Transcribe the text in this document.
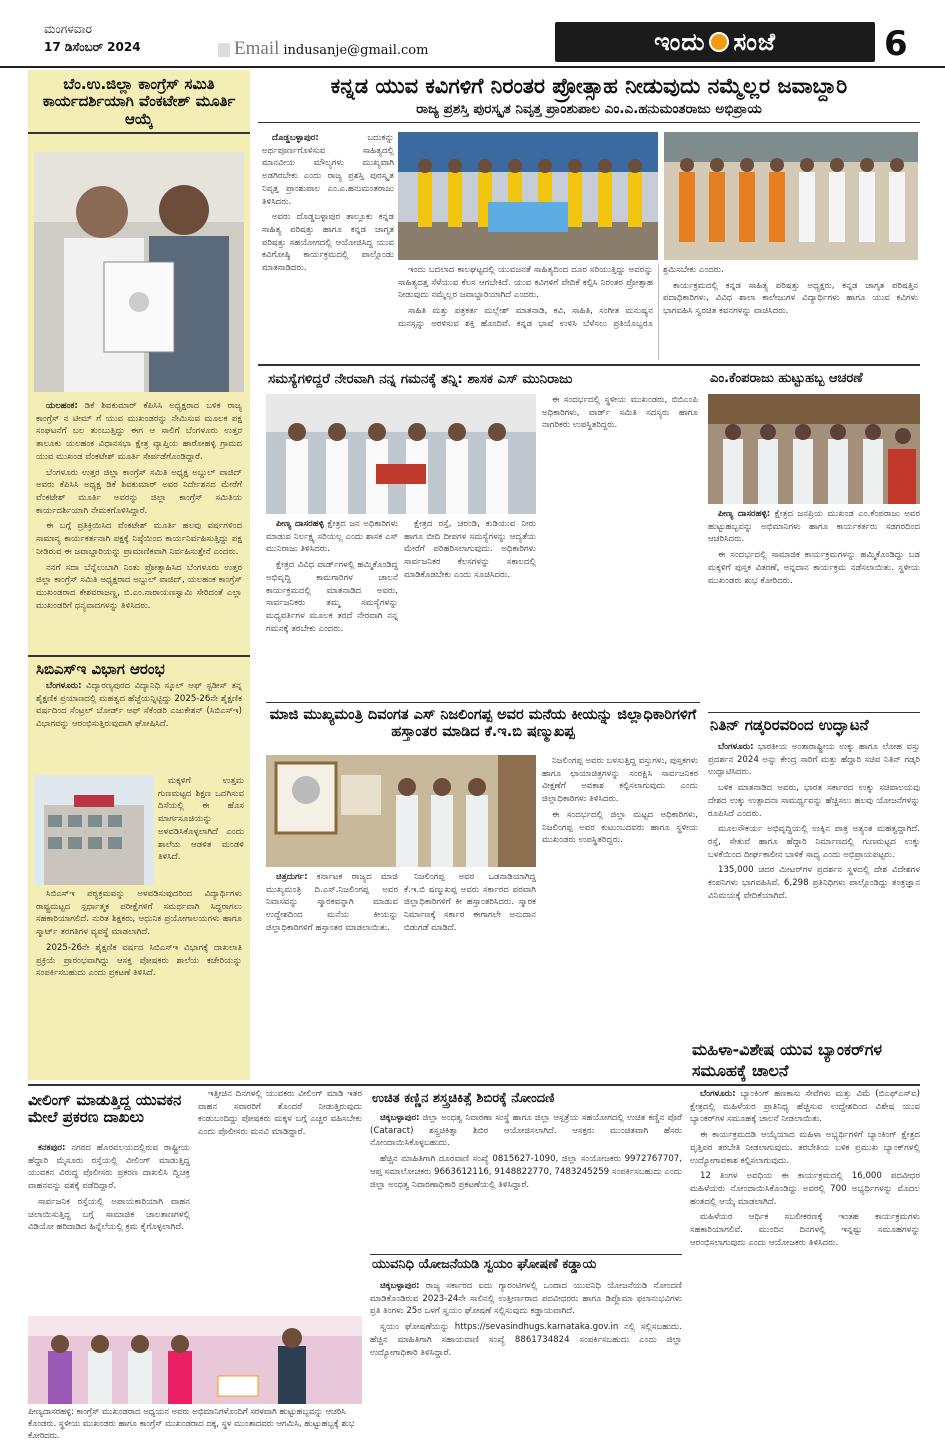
ಮಂಗಳವಾರ
17 ಡಿಸೆಂಬರ್ 2024	Email indusanje@gmail.com	ಇಂದು ಸಂಜೆ	6
ಬೆಂ.ಉ.ಜಿಲ್ಲಾ ಕಾಂಗ್ರೆಸ್ ಸಮಿತಿ ಕಾರ್ಯದರ್ಶಿಯಾಗಿ ವೆಂಕಟೇಶ್ ಮೂರ್ತಿ ಆಯ್ಕೆ

ಯಲಹಂಕ: ಡಿಕೆ ಶಿವಕುಮಾರ್ ಕೆಪಿಸಿಸಿ ಅಧ್ಯಕ್ಷರಾದ ಬಳಿಕ ರಾಜ್ಯ ಕಾಂಗ್ರೆಸ್ ನ ಟೀಮ್ ಗೆ ಯುವ ಮುಖಂಡರನ್ನು ನೇಮಿಸುವ ಮೂಲಕ ಪಕ್ಷ ಸಂಘಟನೆಗೆ ಬಲ ತುಂಬುತ್ತಿದ್ದು ಈಗ ಆ ಸಾಲಿಗೆ ಬೆಂಗಳೂರು ಉತ್ತರ ತಾಲೂಕು ಯಲಹಂಕ ವಿಧಾನಸಭಾ ಕ್ಷೇತ್ರ ವ್ಯಾಪ್ತಿಯ ಹಾರೋಹಳ್ಳಿ ಗ್ರಾಮದ ಯುವ ಮುಖಂಡ ವೆಂಕಟೇಶ್ ಮೂರ್ತಿ ಸೇರ್ಪಡೆಗೊಂಡಿದ್ದಾರೆ.

ಬೆಂಗಳೂರು ಉತ್ತರ ಜಿಲ್ಲಾ ಕಾಂಗ್ರೆಸ್ ಸಮಿತಿ ಅಧ್ಯಕ್ಷ ಅಬ್ದುಲ್ ವಾಜಿದ್ ಅವರು ಕೆಪಿಸಿಸಿ ಅಧ್ಯಕ್ಷ ಡಿಕೆ ಶಿವಕುಮಾರ್ ಅವರ ನಿರ್ದೇಶನದ ಮೇರೆಗೆ ವೆಂಕಟೇಶ್ ಮೂರ್ತಿ ಅವರನ್ನು ಜಿಲ್ಲಾ ಕಾಂಗ್ರೆಸ್ ಸಮಿತಿಯ ಕಾರ್ಯದರ್ಶಿಯಾಗಿ ನೇಮಕಗೊಳಿಸಿದ್ದಾರೆ.

ಈ ಬಗ್ಗೆ ಪ್ರತಿಕ್ರಿಯಿಸಿದ ವೆಂಕಟೇಶ್ ಮೂರ್ತಿ ಹಲವು ವರ್ಷಗಳಿಂದ ಸಾಮಾನ್ಯ ಕಾರ್ಯಕರ್ತನಾಗಿ ಪಕ್ಷಕ್ಕೆ ನಿಷ್ಠೆಯಿಂದ ಕಾರ್ಯನಿರ್ವಹಿಸುತ್ತಿದ್ದು ಪಕ್ಷ ನೀಡಿರುವ ಈ ಜವಾಬ್ದಾರಿಯನ್ನು ಪ್ರಾಮಾಣಿಕವಾಗಿ ನಿರ್ವಹಿಸುತ್ತೇನೆ ಎಂದರು.

ನನಗೆ ಸದಾ ಬೆನ್ನೆಲುಬಾಗಿ ನಿಂತು ಪ್ರೋತ್ಸಾಹಿಸಿದ ಬೆಂಗಳೂರು ಉತ್ತರ ಜಿಲ್ಲಾ ಕಾಂಗ್ರೆಸ್ ಸಮಿತಿ ಅಧ್ಯಕ್ಷರಾದ ಅಬ್ದುಲ್ ವಾಜಿದ್, ಯಲಹಂಕ ಕಾಂಗ್ರೆಸ್ ಮುಖಂಡರಾದ ಕೇಶವರಾಜಣ್ಣ, ಬಿ.ಎಂ.ನಾರಾಯಣಸ್ವಾಮಿ ಸೇರಿದಂತೆ ಎಲ್ಲಾ ಮುಖಂಡರಿಗೆ ಧನ್ಯವಾದಗಳನ್ನು ತಿಳಿಸಿದರು.

ಸಿಬಿಎಸ್‌ಇ ವಿಭಾಗ ಆರಂಭ

ಬೆಂಗಳೂರು: ವಿದ್ಯಾರಣ್ಯಪುರದ ವಿದ್ಯಾನಿಧಿ ಸ್ಕೂಲ್ ಆಫ್ ಸ್ಟಡೀಸ್ ತನ್ನ ಶೈಕ್ಷಣಿಕ ಪ್ರಯಾಣದಲ್ಲಿ ಮಹತ್ವದ ಹೆಜ್ಜೆಯನ್ನಿಟ್ಟಿದ್ದು 2025-26ನೇ ಶೈಕ್ಷಣಿಕ ವರ್ಷದಿಂದ ಸೆಂಟ್ರಲ್ ಬೋರ್ಡ್ ಆಫ್ ಸೆಕೆಂಡರಿ ಎಜುಕೇಶನ್ (ಸಿಬಿಎಸ್‌ಇ) ವಿಭಾಗವನ್ನು ಆರಂಭಿಸುತ್ತಿರುವುದಾಗಿ ಘೋಷಿಸಿದೆ.

ಮಕ್ಕಳಿಗೆ ಉತ್ತಮ ಗುಣಮಟ್ಟದ ಶಿಕ್ಷಣ ಒದಗಿಸುವ ದಿಸೆಯಲ್ಲಿ ಈ ಹೊಸ ಮಾರ್ಗಸೂಚಿಯನ್ನು ಅಳವಡಿಸಿಕೊಳ್ಳಲಾಗಿದೆ ಎಂದು ಶಾಲೆಯ ಆಡಳಿತ ಮಂಡಳಿ ತಿಳಿಸಿದೆ.

ಸಿಬಿಎಸ್‌ಇ ಪಠ್ಯಕ್ರಮವನ್ನು ಅಳವಡಿಸುವುದರಿಂದ ವಿದ್ಯಾರ್ಥಿಗಳು ರಾಷ್ಟ್ರಮಟ್ಟದ ಸ್ಪರ್ಧಾತ್ಮಕ ಪರೀಕ್ಷೆಗಳಿಗೆ ಸಮರ್ಥವಾಗಿ ಸಿದ್ಧರಾಗಲು ಸಹಕಾರಿಯಾಗಲಿದೆ. ನುರಿತ ಶಿಕ್ಷಕರು, ಆಧುನಿಕ ಪ್ರಯೋಗಾಲಯಗಳು ಹಾಗೂ ಸ್ಮಾರ್ಟ್ ತರಗತಿಗಳ ವ್ಯವಸ್ಥೆ ಮಾಡಲಾಗಿದೆ.

2025-26ನೇ ಶೈಕ್ಷಣಿಕ ವರ್ಷದ ಸಿಬಿಎಸ್‌ಇ ವಿಭಾಗಕ್ಕೆ ದಾಖಲಾತಿ ಪ್ರಕ್ರಿಯೆ ಪ್ರಾರಂಭವಾಗಿದ್ದು ಆಸಕ್ತ ಪೋಷಕರು ಶಾಲೆಯ ಕಚೇರಿಯನ್ನು ಸಂಪರ್ಕಿಸಬಹುದು ಎಂದು ಪ್ರಕಟಣೆ ತಿಳಿಸಿದೆ.

ಕನ್ನಡ ಯುವ ಕವಿಗಳಿಗೆ ನಿರಂತರ ಪ್ರೋತ್ಸಾಹ ನೀಡುವುದು ನಮ್ಮೆಲ್ಲರ ಜವಾಬ್ದಾರಿ
ರಾಜ್ಯ ಪ್ರಶಸ್ತಿ ಪುರಸ್ಕೃತ ನಿವೃತ್ತ ಪ್ರಾಂಶುಪಾಲ ಎಂ.ಎ.ಹನುಮಂತರಾಜು ಅಭಿಪ್ರಾಯ

ದೊಡ್ಡಬಳ್ಳಾಪುರ:	ಬದುಕನ್ನು ಅರ್ಥಪೂರ್ಣಗೊಳಿಸುವ ಸಾಹಿತ್ಯದಲ್ಲಿ ಮಾನವೀಯ ಮೌಲ್ಯಗಳು ಮುಖ್ಯವಾಗಿ ಅಡಗಿರಬೇಕು ಎಂದು ರಾಜ್ಯ ಪ್ರಶಸ್ತಿ ಪುರಸ್ಕೃತ ನಿವೃತ್ತ ಪ್ರಾಂಶುಪಾಲ ಎಂ.ಎ.ಹನುಮಂತರಾಜು ತಿಳಿಸಿದರು.

ಅವರು ದೊಡ್ಡಬಳ್ಳಾಪುರ ತಾಲ್ಲೂಕು ಕನ್ನಡ ಸಾಹಿತ್ಯ ಪರಿಷತ್ತು ಹಾಗೂ ಕನ್ನಡ ಜಾಗೃತ ಪರಿಷತ್ತು ಸಹಯೋಗದಲ್ಲಿ ಆಯೋಜಿಸಿದ್ದ ಯುವ ಕವಿಗೋಷ್ಠಿ ಕಾರ್ಯಕ್ರಮದಲ್ಲಿ ಪಾಲ್ಗೊಂಡು ಮಾತನಾಡಿದರು.	ಇಂದು ಬದಲಾದ ಕಾಲಘಟ್ಟದಲ್ಲಿ ಯುವಜನತೆ ಸಾಹಿತ್ಯದಿಂದ ದೂರ ಸರಿಯುತ್ತಿದ್ದು ಅವರನ್ನು ಸಾಹಿತ್ಯದತ್ತ ಸೆಳೆಯುವ ಕೆಲಸ ಆಗಬೇಕಿದೆ. ಯುವ ಕವಿಗಳಿಗೆ ವೇದಿಕೆ ಕಲ್ಪಿಸಿ ನಿರಂತರ ಪ್ರೋತ್ಸಾಹ ನೀಡುವುದು ನಮ್ಮೆಲ್ಲರ ಜವಾಬ್ದಾರಿಯಾಗಿದೆ ಎಂದರು.

ಸಾಹಿತಿ ಮತ್ತು ಪತ್ರಕರ್ತ ಮಲ್ಲೇಶ್ ಮಾತನಾಡಿ, ಕವಿ, ಸಾಹಿತಿ, ಸಂಗೀತ ಮನುಷ್ಯನ ಮನಸ್ಸನ್ನು ಅರಳಿಸುವ ಶಕ್ತಿ ಹೊಂದಿವೆ. ಕನ್ನಡ ಭಾಷೆ ಉಳಿಸಿ ಬೆಳೆಸಲು ಪ್ರತಿಯೊಬ್ಬರೂ ಶ್ರಮಿಸಬೇಕು ಎಂದರು.

ಕಾರ್ಯಕ್ರಮದಲ್ಲಿ ಕನ್ನಡ ಸಾಹಿತ್ಯ ಪರಿಷತ್ತು ಅಧ್ಯಕ್ಷರು, ಕನ್ನಡ ಜಾಗೃತ ಪರಿಷತ್ತಿನ ಪದಾಧಿಕಾರಿಗಳು, ವಿವಿಧ ಶಾಲಾ ಕಾಲೇಜುಗಳ ವಿದ್ಯಾರ್ಥಿಗಳು ಹಾಗೂ ಯುವ ಕವಿಗಳು ಭಾಗವಹಿಸಿ ಸ್ವರಚಿತ ಕವನಗಳನ್ನು ವಾಚಿಸಿದರು.

ಸಮಸ್ಯೆಗಳಿದ್ದರೆ ನೇರವಾಗಿ ನನ್ನ ಗಮನಕ್ಕೆ ತನ್ನಿ: ಶಾಸಕ ಎಸ್ ಮುನಿರಾಜು

ಪೀಣ್ಯ ದಾಸರಹಳ್ಳಿ ಕ್ಷೇತ್ರದ ಜನ ಅಧಿಕಾರಿಗಳು ಮಾಡುವ ನಿರ್ಲಕ್ಷ್ಯ ಸರಿಯಲ್ಲ ಎಂದು ಶಾಸಕ ಎಸ್ ಮುನಿರಾಜು ತಿಳಿಸಿದರು.

ಕ್ಷೇತ್ರದ ವಿವಿಧ ವಾರ್ಡ್‌ಗಳಲ್ಲಿ ಹಮ್ಮಿಕೊಂಡಿದ್ದ ಅಭಿವೃದ್ಧಿ ಕಾಮಗಾರಿಗಳ ಚಾಲನೆ ಕಾರ್ಯಕ್ರಮದಲ್ಲಿ ಮಾತನಾಡಿದ ಅವರು, ಸಾರ್ವಜನಿಕರು ತಮ್ಮ ಸಮಸ್ಯೆಗಳನ್ನು ಮಧ್ಯವರ್ತಿಗಳ ಮೂಲಕ ತರದೆ ನೇರವಾಗಿ ನನ್ನ ಗಮನಕ್ಕೆ ತರಬೇಕು ಎಂದರು.

ಕ್ಷೇತ್ರದ ರಸ್ತೆ, ಚರಂಡಿ, ಕುಡಿಯುವ ನೀರು ಹಾಗೂ ಬೀದಿ ದೀಪಗಳ ಸಮಸ್ಯೆಗಳನ್ನು ಆದ್ಯತೆಯ ಮೇರೆಗೆ ಪರಿಹರಿಸಲಾಗುವುದು. ಅಧಿಕಾರಿಗಳು ಸಾರ್ವಜನಿಕರ ಕೆಲಸಗಳನ್ನು ಸಕಾಲದಲ್ಲಿ ಮಾಡಿಕೊಡಬೇಕು ಎಂದು ಸೂಚಿಸಿದರು.

ಈ ಸಂದರ್ಭದಲ್ಲಿ ಸ್ಥಳೀಯ ಮುಖಂಡರು, ಬಿಬಿಎಂಪಿ ಅಧಿಕಾರಿಗಳು, ವಾರ್ಡ್ ಸಮಿತಿ ಸದಸ್ಯರು ಹಾಗೂ ನಾಗರಿಕರು ಉಪಸ್ಥಿತರಿದ್ದರು.

ಎಂ.ಕೆಂಪರಾಜು ಹುಟ್ಟುಹಬ್ಬ ಆಚರಣೆ

ಪೀಣ್ಯ ದಾಸರಹಳ್ಳಿ: ಕ್ಷೇತ್ರದ ಜನಪ್ರಿಯ ಮುಖಂಡ ಎಂ.ಕೆಂಪರಾಜು ಅವರ ಹುಟ್ಟುಹಬ್ಬವನ್ನು ಅಭಿಮಾನಿಗಳು ಹಾಗೂ ಕಾರ್ಯಕರ್ತರು ಸಡಗರದಿಂದ ಆಚರಿಸಿದರು.

ಈ ಸಂದರ್ಭದಲ್ಲಿ ಸಾಮಾಜಿಕ ಕಾರ್ಯಕ್ರಮಗಳನ್ನು ಹಮ್ಮಿಕೊಂಡಿದ್ದು ಬಡ ಮಕ್ಕಳಿಗೆ ಪುಸ್ತಕ ವಿತರಣೆ, ಅನ್ನದಾನ ಕಾರ್ಯಕ್ರಮ ನಡೆಸಲಾಯಿತು. ಸ್ಥಳೀಯ ಮುಖಂಡರು ಶುಭ ಕೋರಿದರು.

ನಿತಿನ್ ಗಡ್ಕರಿರವರಿಂದ ಉದ್ಘಾಟನೆ

ಬೆಂಗಳೂರು: ಭಾರತೀಯ ಅಂತಾರಾಷ್ಟ್ರೀಯ ಉಕ್ಕು ಹಾಗೂ ಲೋಹ ವಸ್ತು ಪ್ರದರ್ಶನ 2024 ಅನ್ನು ಕೇಂದ್ರ ಸಾರಿಗೆ ಮತ್ತು ಹೆದ್ದಾರಿ ಸಚಿವ ನಿತಿನ್ ಗಡ್ಕರಿ ಉದ್ಘಾಟಿಸಿದರು.

ಬಳಿಕ ಮಾತನಾಡಿದ ಅವರು, ಭಾರತ ಸರ್ಕಾರದ ಉಕ್ಕು ಸಚಿವಾಲಯವು ದೇಶದ ಉಕ್ಕು ಉತ್ಪಾದನಾ ಸಾಮರ್ಥ್ಯವನ್ನು ಹೆಚ್ಚಿಸಲು ಹಲವು ಯೋಜನೆಗಳನ್ನು ರೂಪಿಸಿದೆ ಎಂದರು.

ಮೂಲಸೌಕರ್ಯ ಅಭಿವೃದ್ಧಿಯಲ್ಲಿ ಉಕ್ಕಿನ ಪಾತ್ರ ಅತ್ಯಂತ ಮಹತ್ವದ್ದಾಗಿದೆ. ರಸ್ತೆ, ಸೇತುವೆ ಹಾಗೂ ಹೆದ್ದಾರಿ ನಿರ್ಮಾಣದಲ್ಲಿ ಗುಣಮಟ್ಟದ ಉಕ್ಕು ಬಳಕೆಯಿಂದ ದೀರ್ಘಕಾಲೀನ ಬಾಳಿಕೆ ಸಾಧ್ಯ ಎಂದು ಅಭಿಪ್ರಾಯಪಟ್ಟರು.

135,000 ಚದರ ಮೀಟರ್‌ಗಳ ಪ್ರದರ್ಶನ ಸ್ಥಳದಲ್ಲಿ ದೇಶ ವಿದೇಶಗಳ ಕಂಪನಿಗಳು ಭಾಗವಹಿಸಿವೆ. 6,298 ಪ್ರತಿನಿಧಿಗಳು ಪಾಲ್ಗೊಂಡಿದ್ದು ತಂತ್ರಜ್ಞಾನ ವಿನಿಮಯಕ್ಕೆ ವೇದಿಕೆಯಾಗಿದೆ.

ಮಾಜಿ ಮುಖ್ಯಮಂತ್ರಿ ದಿವಂಗತ ಎಸ್ ನಿಜಲಿಂಗಪ್ಪ ಅವರ ಮನೆಯ ಕೀಯನ್ನು ಜಿಲ್ಲಾಧಿಕಾರಿಗಳಿಗೆ ಹಸ್ತಾಂತರ ಮಾಡಿದ ಕೆ.ಇ.ಬಿ ಷಣ್ಮುಖಪ್ಪ

ಚಿತ್ರದುರ್ಗ: ಕರ್ನಾಟಕ ರಾಜ್ಯದ ಮಾಜಿ ಮುಖ್ಯಮಂತ್ರಿ ದಿ.ಎಸ್.ನಿಜಲಿಂಗಪ್ಪ ಅವರ ನಿವಾಸವನ್ನು ಸ್ಮಾರಕವನ್ನಾಗಿ ಮಾಡುವ ಉದ್ದೇಶದಿಂದ ಮನೆಯ ಕೀಯನ್ನು ಜಿಲ್ಲಾಧಿಕಾರಿಗಳಿಗೆ ಹಸ್ತಾಂತರ ಮಾಡಲಾಯಿತು.

ನಿಜಲಿಂಗಪ್ಪ ಅವರ ಒಡನಾಡಿಯಾಗಿದ್ದ ಕೆ.ಇ.ಬಿ ಷಣ್ಮುಖಪ್ಪ ಅವರು ಸರ್ಕಾರದ ಪರವಾಗಿ ಜಿಲ್ಲಾಧಿಕಾರಿಗಳಿಗೆ ಕೀ ಹಸ್ತಾಂತರಿಸಿದರು. ಸ್ಮಾರಕ ನಿರ್ಮಾಣಕ್ಕೆ ಸರ್ಕಾರ ಈಗಾಗಲೇ ಅನುದಾನ ಬಿಡುಗಡೆ ಮಾಡಿದೆ.

ನಿಜಲಿಂಗಪ್ಪ ಅವರು ಬಳಸುತ್ತಿದ್ದ ವಸ್ತುಗಳು, ಪುಸ್ತಕಗಳು ಹಾಗೂ ಛಾಯಾಚಿತ್ರಗಳನ್ನು ಸಂರಕ್ಷಿಸಿ ಸಾರ್ವಜನಿಕರ ವೀಕ್ಷಣೆಗೆ ಅವಕಾಶ ಕಲ್ಪಿಸಲಾಗುವುದು ಎಂದು ಜಿಲ್ಲಾಧಿಕಾರಿಗಳು ತಿಳಿಸಿದರು.

ಈ ಸಂದರ್ಭದಲ್ಲಿ ಜಿಲ್ಲಾ ಮಟ್ಟದ ಅಧಿಕಾರಿಗಳು, ನಿಜಲಿಂಗಪ್ಪ ಅವರ ಕುಟುಂಬದವರು ಹಾಗೂ ಸ್ಥಳೀಯ ಮುಖಂಡರು ಉಪಸ್ಥಿತರಿದ್ದರು.

ವೀಲಿಂಗ್ ಮಾಡುತ್ತಿದ್ದ ಯುವಕನ ಮೇಲೆ ಪ್ರಕರಣ ದಾಖಲು

ಕನಕಪುರ: ನಗರದ ಹೊರವಲಯದಲ್ಲಿರುವ ರಾಷ್ಟ್ರೀಯ ಹೆದ್ದಾರಿ ಮೈಸೂರು ರಸ್ತೆಯಲ್ಲಿ ವೀಲಿಂಗ್ ಮಾಡುತ್ತಿದ್ದ ಯುವಕನ ವಿರುದ್ಧ ಪೊಲೀಸರು ಪ್ರಕರಣ ದಾಖಲಿಸಿ ದ್ವಿಚಕ್ರ ವಾಹನವನ್ನು ವಶಕ್ಕೆ ಪಡೆದಿದ್ದಾರೆ.

ಸಾರ್ವಜನಿಕ ರಸ್ತೆಯಲ್ಲಿ ಅಪಾಯಕಾರಿಯಾಗಿ ವಾಹನ ಚಲಾಯಿಸುತ್ತಿದ್ದ ಬಗ್ಗೆ ಸಾಮಾಜಿಕ ಜಾಲತಾಣಗಳಲ್ಲಿ ವಿಡಿಯೋ ಹರಿದಾಡಿದ ಹಿನ್ನೆಲೆಯಲ್ಲಿ ಕ್ರಮ ಕೈಗೊಳ್ಳಲಾಗಿದೆ.

ಇತ್ತೀಚಿನ ದಿನಗಳಲ್ಲಿ ಯುವಕರು ವೀಲಿಂಗ್ ಮಾಡಿ ಇತರ ವಾಹನ ಸವಾರರಿಗೆ ತೊಂದರೆ ನೀಡುತ್ತಿರುವುದು ಕಂಡುಬಂದಿದ್ದು ಪೋಷಕರು ಮಕ್ಕಳ ಬಗ್ಗೆ ಎಚ್ಚರ ವಹಿಸಬೇಕು ಎಂದು ಪೊಲೀಸರು ಮನವಿ ಮಾಡಿದ್ದಾರೆ.

ಪೀಣ್ಯದಾಸರಹಳ್ಳಿ: ಕಾಂಗ್ರೆಸ್ ಮುಖಂಡರಾದ ಅಧ್ಯಯನ ಅವರು ಅಭಿಮಾನಿಗಳೊಂದಿಗೆ ಸರಳವಾಗಿ ಹುಟ್ಟುಹಬ್ಬವನ್ನು ಆಚರಿಸಿ ಕೊಂಡರು. ಸ್ಥಳೀಯ ಮುಖಂಡರು ಹಾಗೂ ಕಾಂಗ್ರೆಸ್ ಮುಖಂಡರಾದ ದಕ್ಕ, ಸ್ಥಳ ಮುಂತಾದವರು ಆಗಮಿಸಿ, ಹುಟ್ಟುಹಬ್ಬಕ್ಕೆ ಶುಭ ಕೋರಿದರು.
ಉಚಿತ ಕಣ್ಣಿನ ಶಸ್ತ್ರಚಿಕಿತ್ಸೆ ಶಿಬಿರಕ್ಕೆ ನೋಂದಣಿ

ಚಿಕ್ಕಬಳ್ಳಾಪುರ: ಜಿಲ್ಲಾ ಅಂಧತ್ವ ನಿವಾರಣಾ ಸಂಸ್ಥೆ ಹಾಗೂ ಜಿಲ್ಲಾ ಆಸ್ಪತ್ರೆಯ ಸಹಯೋಗದಲ್ಲಿ ಉಚಿತ ಕಣ್ಣಿನ ಪೊರೆ (Cataract) ಶಸ್ತ್ರಚಿಕಿತ್ಸಾ ಶಿಬಿರ ಆಯೋಜಿಸಲಾಗಿದೆ. ಆಸಕ್ತರು ಮುಂಚಿತವಾಗಿ ಹೆಸರು ನೋಂದಾಯಿಸಿಕೊಳ್ಳಬಹುದು.

ಹೆಚ್ಚಿನ ಮಾಹಿತಿಗಾಗಿ ದೂರವಾಣಿ ಸಂಖ್ಯೆ 0815627-1090, ಜಿಲ್ಲಾ ಸಂಯೋಜಕರು 9972767707, ಆಪ್ತ ಸಮಾಲೋಚಕರು 9663612116, 9148822770, 7483245259 ಸಂಪರ್ಕಿಸಬಹುದು ಎಂದು ಜಿಲ್ಲಾ ಅಂಧತ್ವ ನಿವಾರಣಾಧಿಕಾರಿ ಪ್ರಕಟಣೆಯಲ್ಲಿ ತಿಳಿಸಿದ್ದಾರೆ.

ಯುವನಿಧಿ ಯೋಜನೆಯಡಿ ಸ್ವಯಂ ಘೋಷಣೆ ಕಡ್ಡಾಯ

ಚಿಕ್ಕಬಳ್ಳಾಪುರ: ರಾಜ್ಯ ಸರ್ಕಾರದ ಐದು ಗ್ಯಾರಂಟಿಗಳಲ್ಲಿ ಒಂದಾದ ಯುವನಿಧಿ ಯೋಜನೆಯಡಿ ನೋಂದಣಿ ಮಾಡಿಕೊಂಡಿರುವ 2023-24ನೇ ಸಾಲಿನಲ್ಲಿ ಉತ್ತೀರ್ಣರಾದ ಪದವೀಧರರು ಹಾಗೂ ಡಿಪ್ಲೊಮಾ ಫಲಾನುಭವಿಗಳು ಪ್ರತಿ ತಿಂಗಳು 25ರ ಒಳಗೆ ಸ್ವಯಂ ಘೋಷಣೆ ಸಲ್ಲಿಸುವುದು ಕಡ್ಡಾಯವಾಗಿದೆ.

ಸ್ವಯಂ ಘೋಷಣೆಯನ್ನು https://sevasindhugs.karnataka.gov.in ನಲ್ಲಿ ಸಲ್ಲಿಸಬಹುದು. ಹೆಚ್ಚಿನ ಮಾಹಿತಿಗಾಗಿ ಸಹಾಯವಾಣಿ ಸಂಖ್ಯೆ 8861734824 ಸಂಪರ್ಕಿಸಬಹುದು ಎಂದು ಜಿಲ್ಲಾ ಉದ್ಯೋಗಾಧಿಕಾರಿ ತಿಳಿಸಿದ್ದಾರೆ.

ಮಹಿಳಾ-ವಿಶೇಷ ಯುವ ಬ್ಯಾಂಕರ್‌ಗಳ ಸಮೂಹಕ್ಕೆ ಚಾಲನೆ

ಬೆಂಗಳೂರು: ಬ್ಯಾಂಕಿಂಗ್ ಹಣಕಾಸು ಸೇವೆಗಳು ಮತ್ತು ವಿಮೆ (ಬಿಎಫ್‌ಎಸ್‌ಐ) ಕ್ಷೇತ್ರದಲ್ಲಿ ಮಹಿಳೆಯರ ಪ್ರಾತಿನಿಧ್ಯ ಹೆಚ್ಚಿಸುವ ಉದ್ದೇಶದಿಂದ ವಿಶೇಷ ಯುವ ಬ್ಯಾಂಕರ್‌ಗಳ ಸಮೂಹಕ್ಕೆ ಚಾಲನೆ ನೀಡಲಾಯಿತು.

ಈ ಕಾರ್ಯಕ್ರಮದಡಿ ಆಯ್ಕೆಯಾದ ಮಹಿಳಾ ಅಭ್ಯರ್ಥಿಗಳಿಗೆ ಬ್ಯಾಂಕಿಂಗ್ ಕ್ಷೇತ್ರದ ವೃತ್ತಿಪರ ತರಬೇತಿ ನೀಡಲಾಗುವುದು. ತರಬೇತಿಯ ಬಳಿಕ ಪ್ರಮುಖ ಬ್ಯಾಂಕ್‌ಗಳಲ್ಲಿ ಉದ್ಯೋಗಾವಕಾಶ ಕಲ್ಪಿಸಲಾಗುವುದು.

12 ತಿಂಗಳ ಅವಧಿಯ ಈ ಕಾರ್ಯಕ್ರಮದಲ್ಲಿ 16,000 ಪದವೀಧರ ಮಹಿಳೆಯರು ನೋಂದಾಯಿಸಿಕೊಂಡಿದ್ದು ಅವರಲ್ಲಿ 700 ಅಭ್ಯರ್ಥಿಗಳನ್ನು ಮೊದಲ ಹಂತದಲ್ಲಿ ಆಯ್ಕೆ ಮಾಡಲಾಗಿದೆ.

ಮಹಿಳೆಯರ ಆರ್ಥಿಕ ಸಬಲೀಕರಣಕ್ಕೆ ಇಂತಹ ಕಾರ್ಯಕ್ರಮಗಳು ಸಹಕಾರಿಯಾಗಲಿವೆ. ಮುಂದಿನ ದಿನಗಳಲ್ಲಿ ಇನ್ನಷ್ಟು ಸಮೂಹಗಳನ್ನು ಆರಂಭಿಸಲಾಗುವುದು ಎಂದು ಆಯೋಜಕರು ತಿಳಿಸಿದರು.
